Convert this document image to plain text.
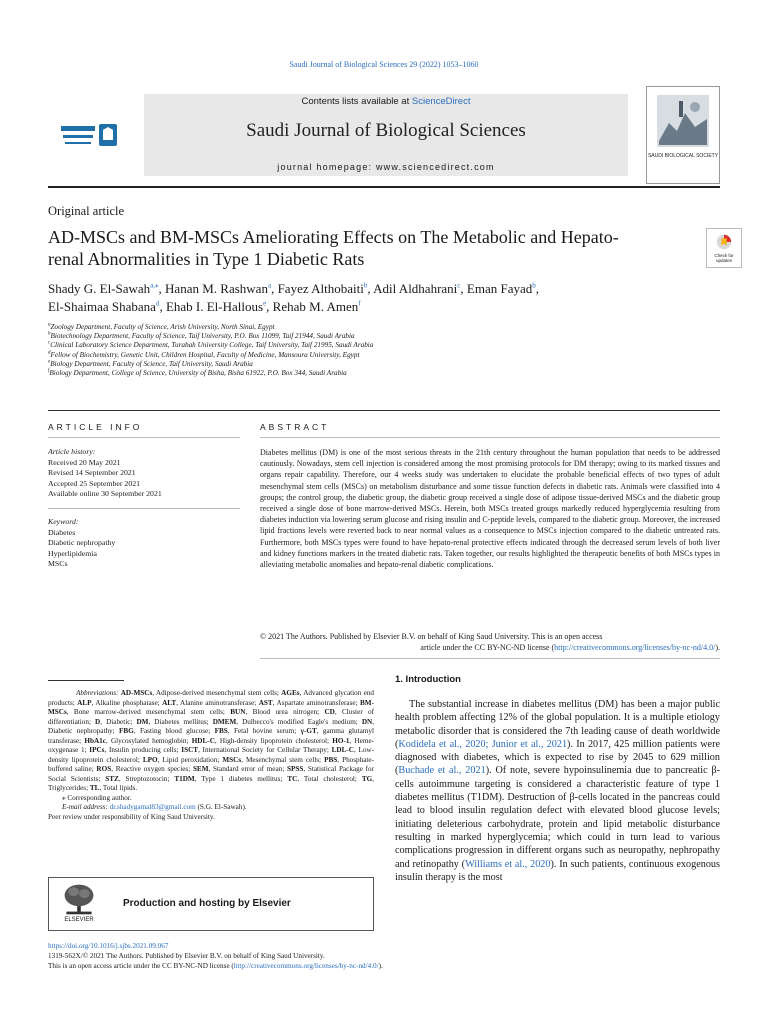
Saudi Journal of Biological Sciences 29 (2022) 1053–1060
Contents lists available at ScienceDirect
Saudi Journal of Biological Sciences
journal homepage: www.sciencedirect.com
SAUDI BIOLOGICAL SOCIETY
Original article
AD-MSCs and BM-MSCs Ameliorating Effects on The Metabolic and Hepato-renal Abnormalities in Type 1 Diabetic Rats	Check for updates
Shady G. El-Sawah$^{a,⁎}$, Hanan M. Rashwan$^a$, Fayez Althobaiti$^b$, Adil Aldhahrani$^c$, Eman Fayad$^b$,
El-Shaimaa Shabana$^d$, Ehab I. El-Hallous$^e$, Rehab M. Amen$^f$
$^a$Zoology Department, Faculty of Science, Arish University, North Sinai, Egypt
$^b$Biotechnology Department, Faculty of Science, Taif University, P.O. Box 11099, Taif 21944, Saudi Arabia
$^c$Clinical Laboratory Science Department, Turabah University College, Taif University, Taif 21995, Saudi Arabia
$^d$Fellow of Biochemistry, Genetic Unit, Children Hospital, Faculty of Medicine, Mansoura University, Egypt
$^e$Biology Department, Faculty of Science, Taif University, Saudi Arabia
$^f$Biology Department, College of Science, University of Bisha, Bisha 61922, P.O. Box 344, Saudi Arabia
ARTICLE INFO	ABSTRACT
Article history:
Received 20 May 2021
Revised 14 September 2021
Accepted 25 September 2021
Available online 30 September 2021
Keyword:
Diabetes
Diabetic nephropathy
Hyperlipidemia
MSCs
Diabetes mellitus (DM) is one of the most serious threats in the 21th century throughout the human population that needs to be addressed cautiously. Nowadays, stem cell injection is considered among the most promising protocols for DM therapy; owing to its marked tissues and organs repair capability. Therefore, our 4 weeks study was undertaken to elucidate the probable beneficial effects of two types of adult mesenchymal stem cells (MSCs) on metabolism disturbance and some tissue function defects in diabetic rats. Animals were classified into 4 groups; the control group, the diabetic group, the diabetic group received a single dose of adipose tissue-derived MSCs and the diabetic group received a single dose of bone marrow-derived MSCs. Herein, both MSCs treated groups markedly reduced hyperglycemia resulting from diabetes induction via lowering serum glucose and rising insulin and C-peptide levels, compared to the diabetic group. Moreover, the increased lipid fractions levels were reverted back to near normal values as a consequence to MSCs injection compared to the diabetic untreated rats. Furthermore, both MSCs types were found to have hepato-renal protective effects indicated through the decreased serum levels of both liver and kidney functions markers in the treated diabetic rats. Taken together, our results highlighted the therapeutic benefits of both MSCs types in alleviating metabolic anomalies and hepato-renal diabetic complications.
© 2021 The Authors. Published by Elsevier B.V. on behalf of King Saud University. This is an open access
article under the CC BY-NC-ND license (http://creativecommons.org/licenses/by-nc-nd/4.0/).
Abbreviations: AD-MSCs, Adipose-derived mesenchymal stem cells; AGEs, Advanced glycation end products; ALP, Alkaline phosphatase; ALT, Alanine aminotransferase; AST, Aspartate aminotransferase; BM-MSCs, Bone marrow-derived mesenchymal stem cells; BUN, Blood urea nitrogen; CD, Cluster of differentiation; D, Diabetic; DM, Diabetes mellitus; DMEM, Dulbecco's modified Eagle's medium; DN, Diabetic nephropathy; FBG, Fasting blood glucose; FBS, Fetal bovine serum; γ-GT, gamma glutamyl transferase; HbA1c, Glycosylated hemoglobin; HDL-C, High-density lipoprotein cholesterol; HO-1, Heme-oxygenase 1; IPCs, Insulin producing cells; ISCT, International Society for Cellular Therapy; LDL-C, Low-density lipoprotein cholesterol; LPO, Lipid peroxidation; MSCs, Mesenchymal stem cells; PBS, Phosphate-buffered saline; ROS, Reactive oxygen species; SEM, Standard error of mean; SPSS, Statistical Package for Social Scientists; STZ, Streptozotocin; T1DM, Type 1 diabetes mellitus; TC, Total cholesterol; TG, Triglycerides; TL, Total lipids.
⁎ Corresponding author.
E-mail address: dr.shadygamal83@gmail.com (S.G. El-Sawah).
Peer review under responsibility of King Saud University.
ELSEVIER
Production and hosting by Elsevier
1. Introduction
The substantial increase in diabetes mellitus (DM) has been a major public health problem affecting 12% of the global population. It is a multiple etiology metabolic disorder that is considered the 7th leading cause of death worldwide (Kodidela et al., 2020; Junior et al., 2021). In 2017, 425 million patients were diagnosed with diabetes, which is expected to rise by 2045 to 629 million (Buchade et al., 2021). Of note, severe hypoinsulinemia due to pancreatic β-cells autoimmune targeting is considered a characteristic feature of type 1 diabetes mellitus (T1DM). Destruction of β-cells located in the pancreas could lead to blood insulin regulation defect with elevated blood glucose levels; initiating deleterious carbohydrate, protein and lipid metabolic disturbance resulting in marked hyperglycemia; which could in turn lead to various complications progression in different organs such as neuropathy, nephropathy and retinopathy (Williams et al., 2020). In such patients, continuous exogenous insulin therapy is the most
https://doi.org/10.1016/j.sjbs.2021.09.067
1319-562X/© 2021 The Authors. Published by Elsevier B.V. on behalf of King Saud University.
This is an open access article under the CC BY-NC-ND license (http://creativecommons.org/licenses/by-nc-nd/4.0/).
